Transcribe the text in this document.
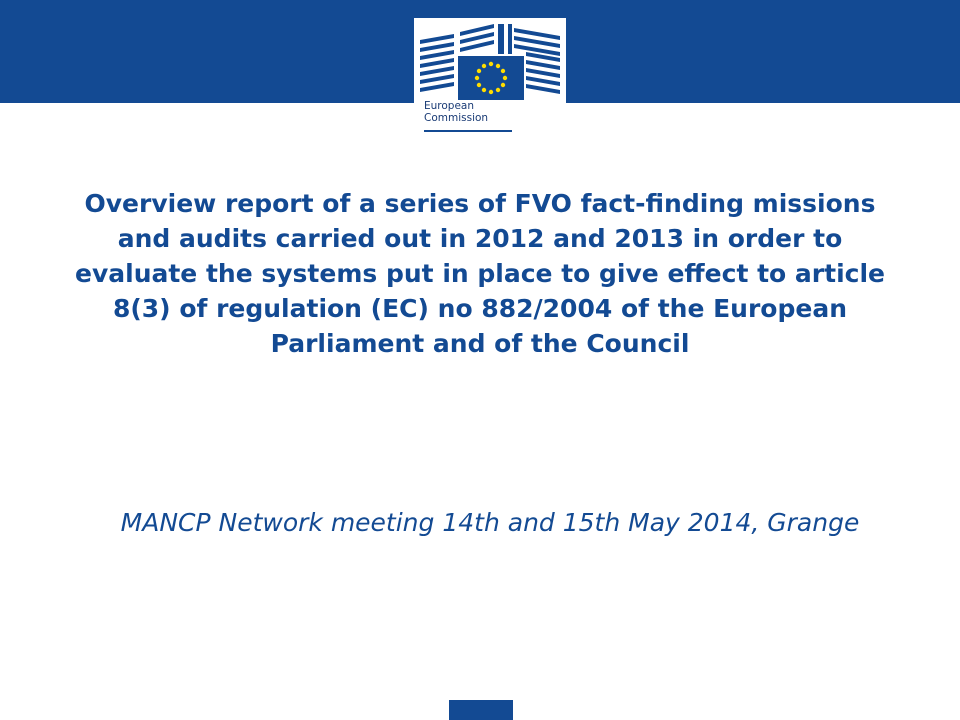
European
Commission
Overview report of a series of FVO fact-finding missions and audits carried out in 2012 and 2013 in order to evaluate the systems put in place to give effect to article 8(3) of regulation (EC) no 882/2004 of the European Parliament and of the Council

MANCP Network meeting 14th and 15th May 2014, Grange
